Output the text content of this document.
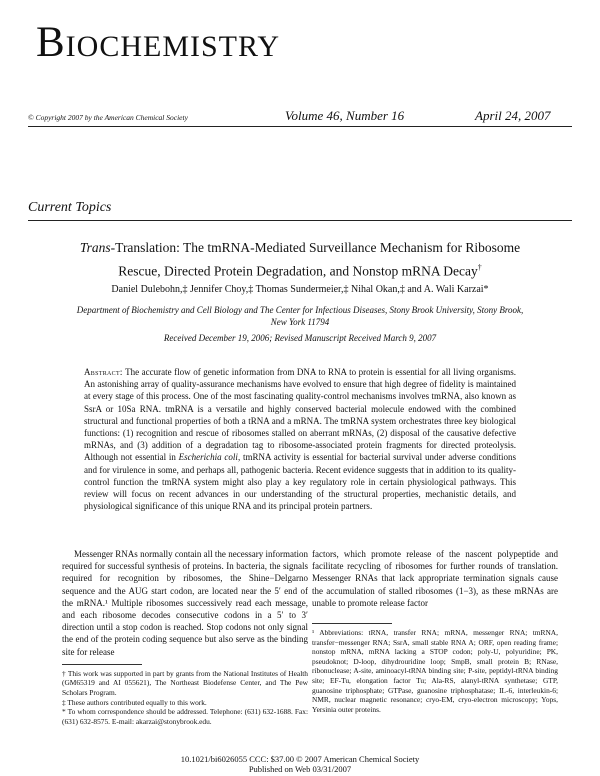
Biochemistry
© Copyright 2007 by the American Chemical Society	Volume 46, Number 16	April 24, 2007
Current Topics
Trans-Translation: The tmRNA-Mediated Surveillance Mechanism for Ribosome Rescue, Directed Protein Degradation, and Nonstop mRNA Decay†
Daniel Dulebohn,‡ Jennifer Choy,‡ Thomas Sundermeier,‡ Nihal Okan,‡ and A. Wali Karzai*
Department of Biochemistry and Cell Biology and The Center for Infectious Diseases, Stony Brook University, Stony Brook, New York 11794
Received December 19, 2006; Revised Manuscript Received March 9, 2007
Abstract: The accurate flow of genetic information from DNA to RNA to protein is essential for all living organisms. An astonishing array of quality-assurance mechanisms have evolved to ensure that high degree of fidelity is maintained at every stage of this process. One of the most fascinating quality-control mechanisms involves tmRNA, also known as SsrA or 10Sa RNA. tmRNA is a versatile and highly conserved bacterial molecule endowed with the combined structural and functional properties of both a tRNA and a mRNA. The tmRNA system orchestrates three key biological functions: (1) recognition and rescue of ribosomes stalled on aberrant mRNAs, (2) disposal of the causative defective mRNAs, and (3) addition of a degradation tag to ribosome-associated protein fragments for directed proteolysis. Although not essential in Escherichia coli, tmRNA activity is essential for bacterial survival under adverse conditions and for virulence in some, and perhaps all, pathogenic bacteria. Recent evidence suggests that in addition to its quality-control function the tmRNA system might also play a key regulatory role in certain physiological pathways. This review will focus on recent advances in our understanding of the structural properties, mechanistic details, and physiological significance of this unique RNA and its principal protein partners.
Messenger RNAs normally contain all the necessary information required for successful synthesis of proteins. In bacteria, the signals required for recognition by ribosomes, the Shine−Delgarno sequence and the AUG start codon, are located near the 5′ end of the mRNA.¹ Multiple ribosomes successively read each message, and each ribosome decodes consecutive codons in a 5′ to 3′ direction until a stop codon is reached. Stop codons not only signal the end of the protein coding sequence but also serve as the binding site for release
† This work was supported in part by grants from the National Institutes of Health (GM65319 and AI 055621), The Northeast Biodefense Center, and The Pew Scholars Program.
‡ These authors contributed equally to this work.
* To whom correspondence should be addressed. Telephone: (631) 632-1688. Fax: (631) 632-8575. E-mail: akarzai@stonybrook.edu.
factors, which promote release of the nascent polypeptide and facilitate recycling of ribosomes for further rounds of translation. Messenger RNAs that lack appropriate termination signals cause the accumulation of stalled ribosomes (1−3), as these mRNAs are unable to promote release factor
¹ Abbreviations: tRNA, transfer RNA; mRNA, messenger RNA; tmRNA, transfer−messenger RNA; SsrA, small stable RNA A; ORF, open reading frame; nonstop mRNA, mRNA lacking a STOP codon; poly-U, polyuridine; PK, pseudoknot; D-loop, dihydrouridine loop; SmpB, small protein B; RNase, ribonuclease; A-site, aminoacyl-tRNA binding site; P-site, peptidyl-tRNA binding site; EF-Tu, elongation factor Tu; Ala-RS, alanyl-tRNA synthetase; GTP, guanosine triphosphate; GTPase, guanosine triphosphatase; IL-6, interleukin-6; NMR, nuclear magnetic resonance; cryo-EM, cryo-electron microscopy; Yops, Yersinia outer proteins.
10.1021/bi6026055 CCC: $37.00 © 2007 American Chemical Society
Published on Web 03/31/2007
